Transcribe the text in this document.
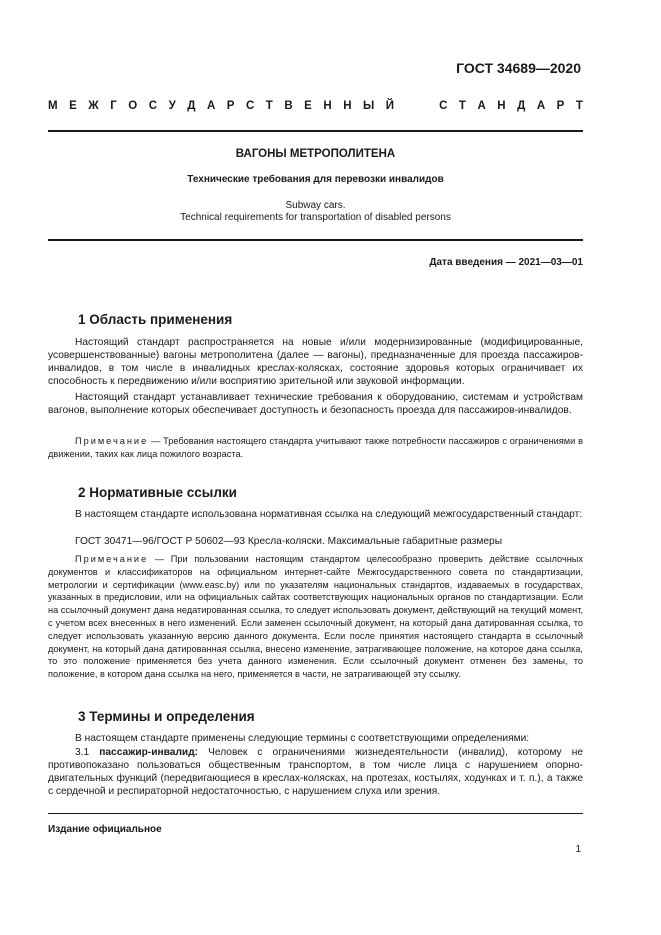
ГОСТ 34689—2020
М Е Ж Г О С У Д А Р С Т В Е Н Н Ы Й	С Т А Н Д А Р Т
ВАГОНЫ МЕТРОПОЛИТЕНА
Технические требования для перевозки инвалидов
Subway cars.
Technical requirements for transportation of disabled persons
Дата введения — 2021—03—01
1 Область применения
Настоящий стандарт распространяется на новые и/или модернизированные (модифицированные, усовершенствованные) вагоны метрополитена (далее — вагоны), предназначенные для проезда пассажиров-инвалидов, в том числе в инвалидных креслах-колясках, состояние здоровья которых ограничивает их способность к передвижению и/или восприятию зрительной или звуковой информации.
Настоящий стандарт устанавливает технические требования к оборудованию, системам и устройствам вагонов, выполнение которых обеспечивает доступность и безопасность проезда для пассажиров-инвалидов.
Примечание — Требования настоящего стандарта учитывают также потребности пассажиров с ограничениями в движении, таких как лица пожилого возраста.
2 Нормативные ссылки
В настоящем стандарте использована нормативная ссылка на следующий межгосударственный стандарт:
ГОСТ 30471—96/ГОСТ Р 50602—93 Кресла-коляски. Максимальные габаритные размеры
Примечание — При пользовании настоящим стандартом целесообразно проверить действие ссылочных документов и классификаторов на официальном интернет-сайте Межгосударственного совета по стандартизации, метрологии и сертификации (www.easc.by) или по указателям национальных стандартов, издаваемых в государствах, указанных в предисловии, или на официальных сайтах соответствующих национальных органов по стандартизации. Если на ссылочный документ дана недатированная ссылка, то следует использовать документ, действующий на текущий момент, с учетом всех внесенных в него изменений. Если заменен ссылочный документ, на который дана датированная ссылка, то следует использовать указанную версию данного документа. Если после принятия настоящего стандарта в ссылочный документ, на который дана датированная ссылка, внесено изменение, затрагивающее положение, на которое дана ссылка, то это положение применяется без учета данного изменения. Если ссылочный документ отменен без замены, то положение, в котором дана ссылка на него, применяется в части, не затрагивающей эту ссылку.
3 Термины и определения
В настоящем стандарте применены следующие термины с соответствующими определениями:
3.1 пассажир-инвалид: Человек с ограничениями жизнедеятельности (инвалид), которому не противопоказано пользоваться общественным транспортом, в том числе лица с нарушением опорно-двигательных функций (передвигающиеся в креслах-колясках, на протезах, костылях, ходунках и т. п.), а также с сердечной и респираторной недостаточностью, с нарушением слуха или зрения.
Издание официальное
1
